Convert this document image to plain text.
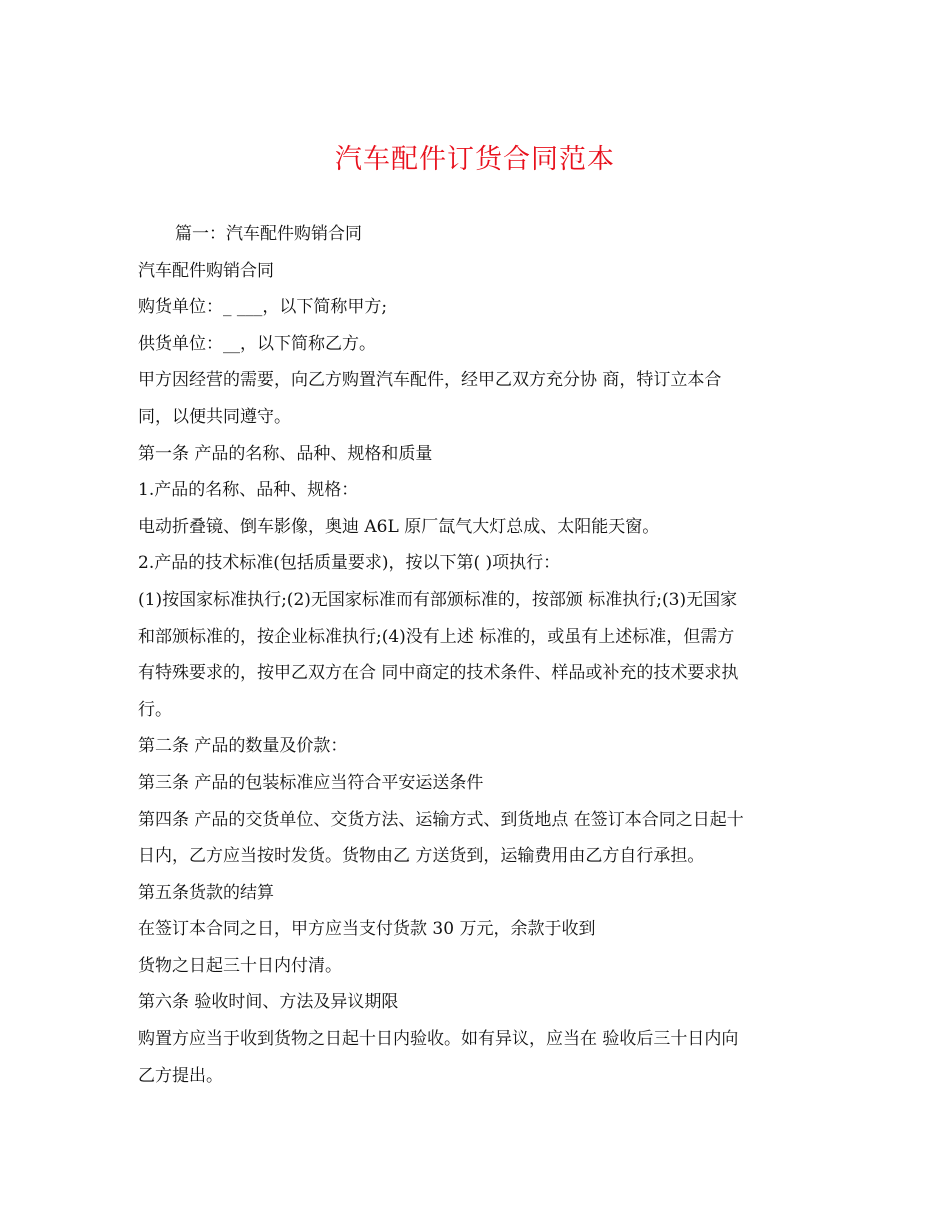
汽车配件订货合同范本

篇一：汽车配件购销合同

汽车配件购销合同

购货单位：_ ___，以下简称甲方;

供货单位：__，以下简称乙方。

甲方因经营的需要，向乙方购置汽车配件，经甲乙双方充分协 商，特订立本合

同，以便共同遵守。

第一条 产品的名称、品种、规格和质量

1.产品的名称、品种、规格：

电动折叠镜、倒车影像，奥迪 A6L 原厂氙气大灯总成、太阳能天窗。

2.产品的技术标准(包括质量要求)，按以下第( )项执行：

(1)按国家标准执行;(2)无国家标准而有部颁标准的，按部颁 标准执行;(3)无国家

和部颁标准的，按企业标准执行;(4)没有上述 标准的，或虽有上述标准，但需方

有特殊要求的，按甲乙双方在合 同中商定的技术条件、样品或补充的技术要求执

行。

第二条 产品的数量及价款：

第三条 产品的包装标准应当符合平安运送条件

第四条 产品的交货单位、交货方法、运输方式、到货地点 在签订本合同之日起十

日内，乙方应当按时发货。货物由乙 方送货到，运输费用由乙方自行承担。

第五条货款的结算

在签订本合同之日，甲方应当支付货款 30 万元，余款于收到

货物之日起三十日内付清。

第六条 验收时间、方法及异议期限

购置方应当于收到货物之日起十日内验收。如有异议，应当在 验收后三十日内向

乙方提出。
